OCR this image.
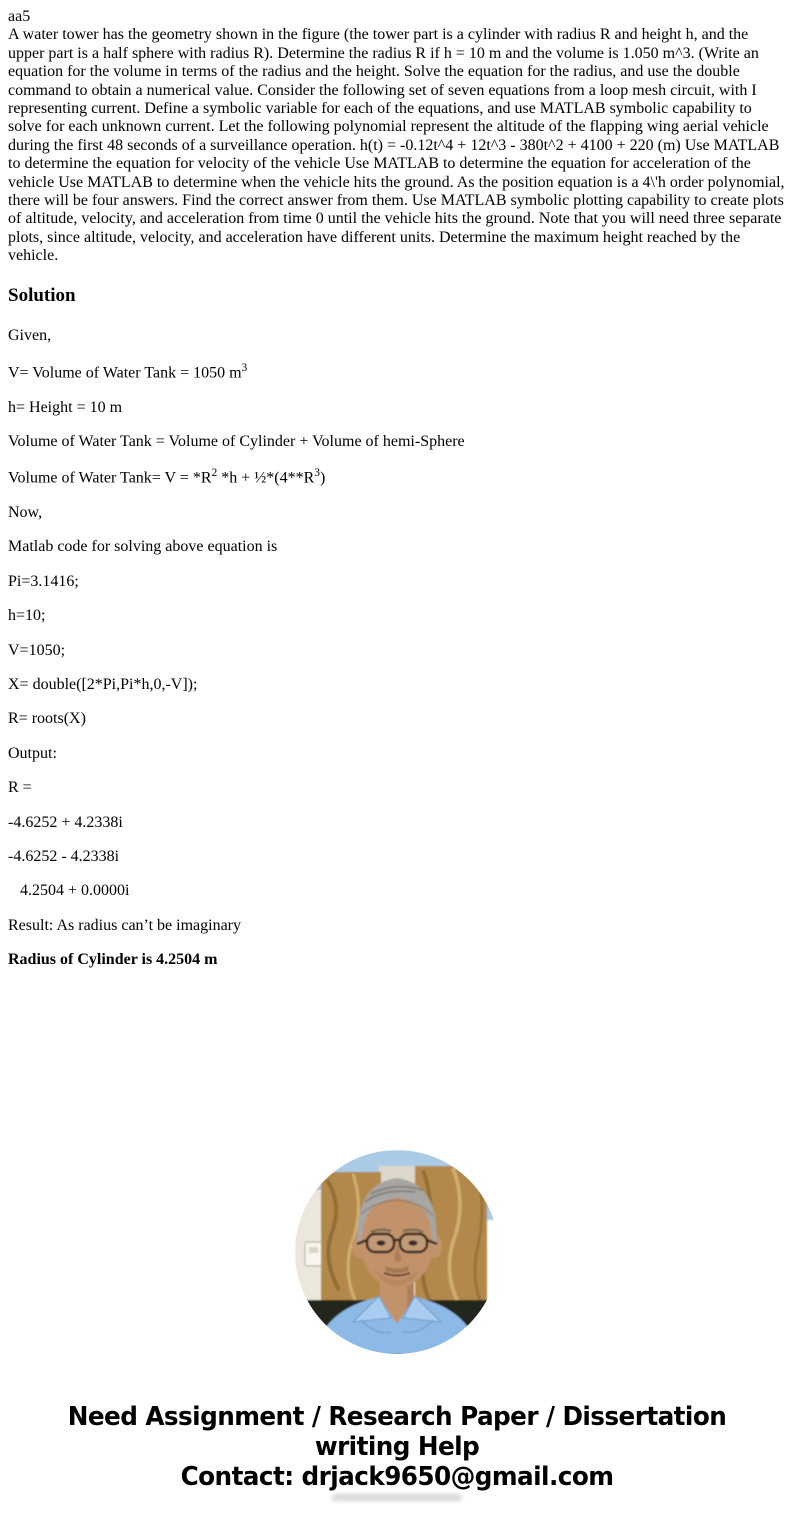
aa5
A water tower has the geometry shown in the figure (the tower part is a cylinder with radius R and height h, and the upper part is a half sphere with radius R). Determine the radius R if h = 10 m and the volume is 1.050 m^3. (Write an equation for the volume in terms of the radius and the height. Solve the equation for the radius, and use the double command to obtain a numerical value. Consider the following set of seven equations from a loop mesh circuit, with I representing current. Define a symbolic variable for each of the equations, and use MATLAB symbolic capability to solve for each unknown current. Let the following polynomial represent the altitude of the flapping wing aerial vehicle during the first 48 seconds of a surveillance operation. h(t) = -0.12t^4 + 12t^3 - 380t^2 + 4100 + 220 (m) Use MATLAB to determine the equation for velocity of the vehicle Use MATLAB to determine the equation for acceleration of the vehicle Use MATLAB to determine when the vehicle hits the ground. As the position equation is a 4\'h order polynomial, there will be four answers. Find the correct answer from them. Use MATLAB symbolic plotting capability to create plots of altitude, velocity, and acceleration from time 0 until the vehicle hits the ground. Note that you will need three separate plots, since altitude, velocity, and acceleration have different units. Determine the maximum height reached by the vehicle.
Solution

Given,

V= Volume of Water Tank = 1050 $m^3$

h= Height = 10 m

Volume of Water Tank = Volume of Cylinder + Volume of hemi-Sphere

Volume of Water Tank= $V = *R^2$ $*h + \frac{1}{2}*(4**R^3)$

Now,

Matlab code for solving above equation is

Pi=3.1416;

h=10;

V=1050;

X= double([2*Pi,Pi*h,0,-V]);

R= roots(X)

Output:

R =

-4.6252 + 4.2338i

-4.6252 - 4.2338i

4.2504 + 0.0000i

Result: As radius can’t be imaginary

Radius of Cylinder is 4.2504 m

Need Assignment / Research Paper / Dissertation
writing Help
Contact: drjack9650@gmail.com
